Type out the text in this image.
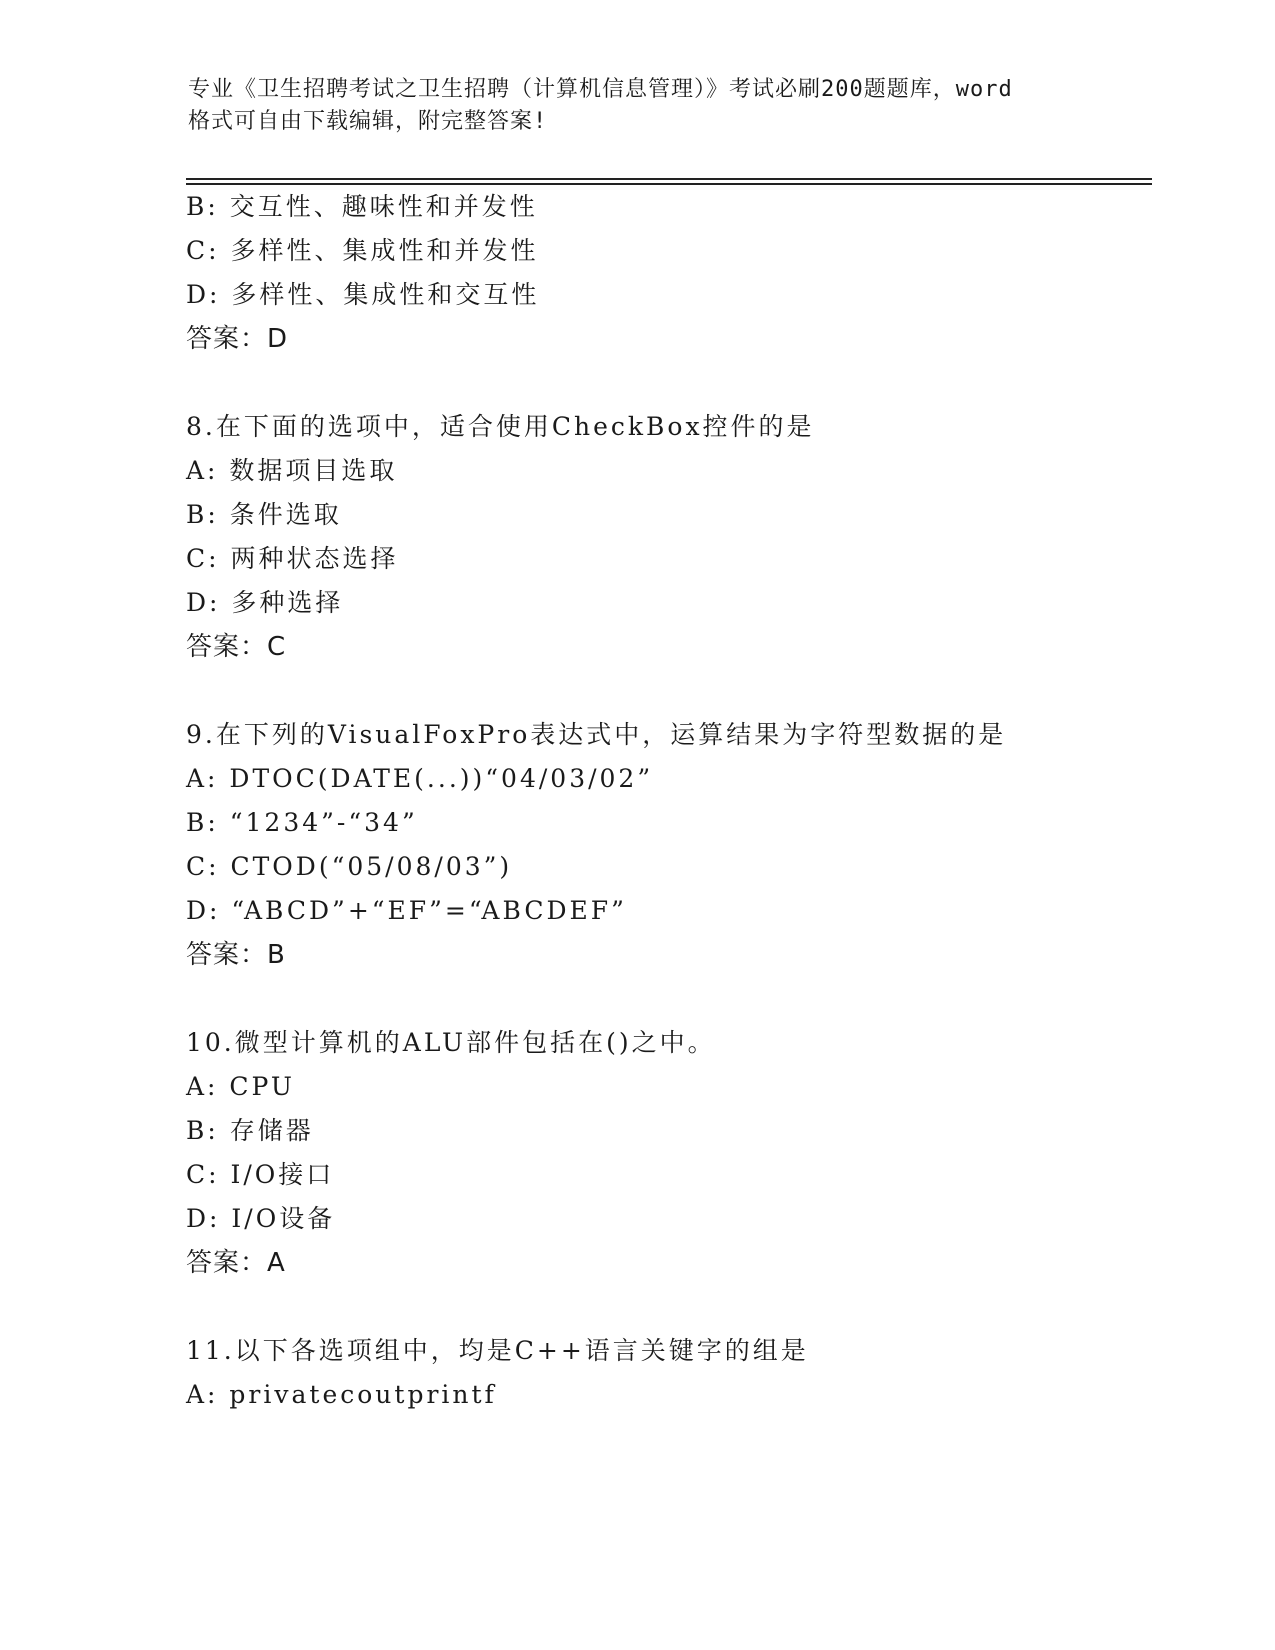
专业《卫生招聘考试之卫生招聘（计算机信息管理）》考试必刷200题题库，word
格式可自由下载编辑，附完整答案!
B: 交互性、趣味性和并发性
C: 多样性、集成性和并发性
D: 多样性、集成性和交互性
答案：D
8.在下面的选项中，适合使用CheckBox控件的是
A: 数据项目选取
B: 条件选取
C: 两种状态选择
D: 多种选择
答案：C
9.在下列的VisualFoxPro表达式中，运算结果为字符型数据的是
A: DTOC(DATE(...))“04/03/02”
B: “1234”-“34”
C: CTOD(“05/08/03”)
D: “ABCD”+“EF”=“ABCDEF”
答案：B
10.微型计算机的ALU部件包括在()之中。
A: CPU
B: 存储器
C: I/O接口
D: I/O设备
答案：A
11.以下各选项组中，均是C++语言关键字的组是
A: privatecoutprintf
